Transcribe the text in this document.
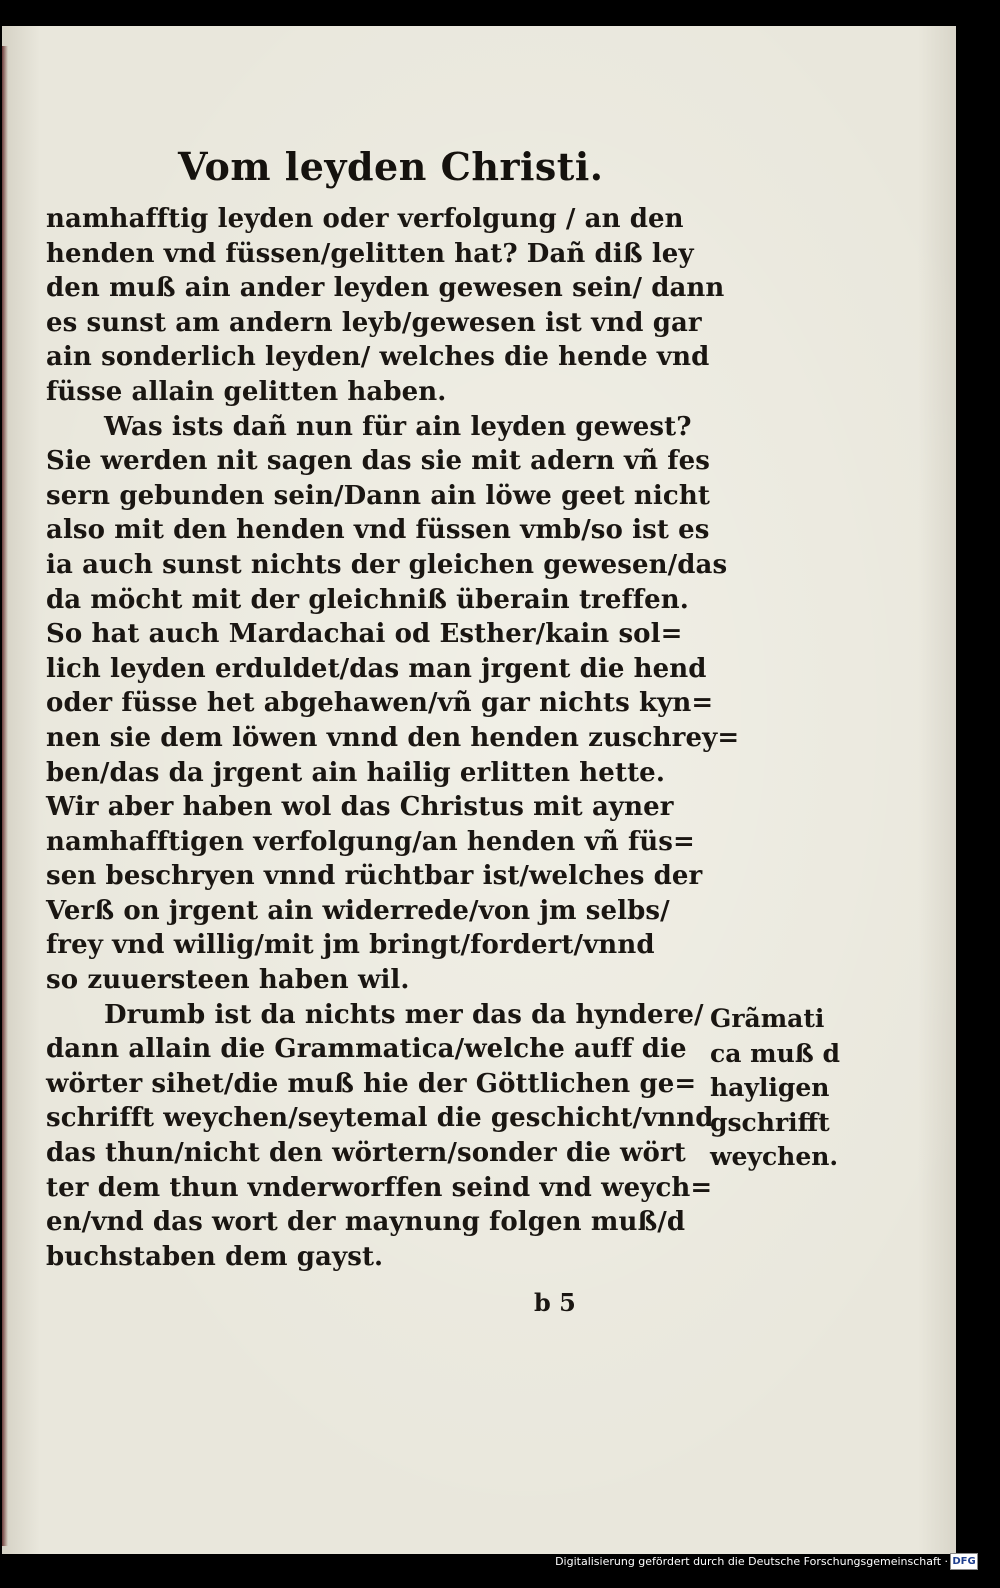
Vom leyden Christi.
namhafftig leyden oder verfolgung / an den
henden vnd füssen/gelitten hat? Dañ diß ley
den muß ain ander leyden gewesen sein/ dann
es sunst am andern leyb/gewesen ist vnd gar
ain sonderlich leyden/ welches die hende vnd
füsse allain gelitten haben.
Was ists dañ nun für ain leyden gewest?
Sie werden nit sagen das sie mit adern vñ fes
sern gebunden sein/Dann ain löwe geet nicht
also mit den henden vnd füssen vmb/so ist es
ia auch sunst nichts der gleichen gewesen/das
da möcht mit der gleichniß überain treffen.
So hat auch Mardachai od Esther/kain sol=
lich leyden erduldet/das man jrgent die hend
oder füsse het abgehawen/vñ gar nichts kyn=
nen sie dem löwen vnnd den henden zuschrey=
ben/das da jrgent ain hailig erlitten hette.
Wir aber haben wol das Christus mit ayner
namhafftigen verfolgung/an henden vñ füs=
sen beschryen vnnd rüchtbar ist/welches der
Verß on jrgent ain widerrede/von jm selbs/
frey vnd willig/mit jm bringt/fordert/vnnd
so zuuersteen haben wil.
Drumb ist da nichts mer das da hyndere/
dann allain die Grammatica/welche auff die
wörter sihet/die muß hie der Göttlichen ge=
schrifft weychen/seytemal die geschicht/vnnd
das thun/nicht den wörtern/sonder die wört
ter dem thun vnderworffen seind vnd weych=
en/vnd das wort der maynung folgen muß/d
buchstaben dem gayst.
Grãmati
ca muß d
hayligen
gschrifft
weychen.
b 5
Digitalisierung gefördert durch die Deutsche Forschungsgemeinschaft · DFG
